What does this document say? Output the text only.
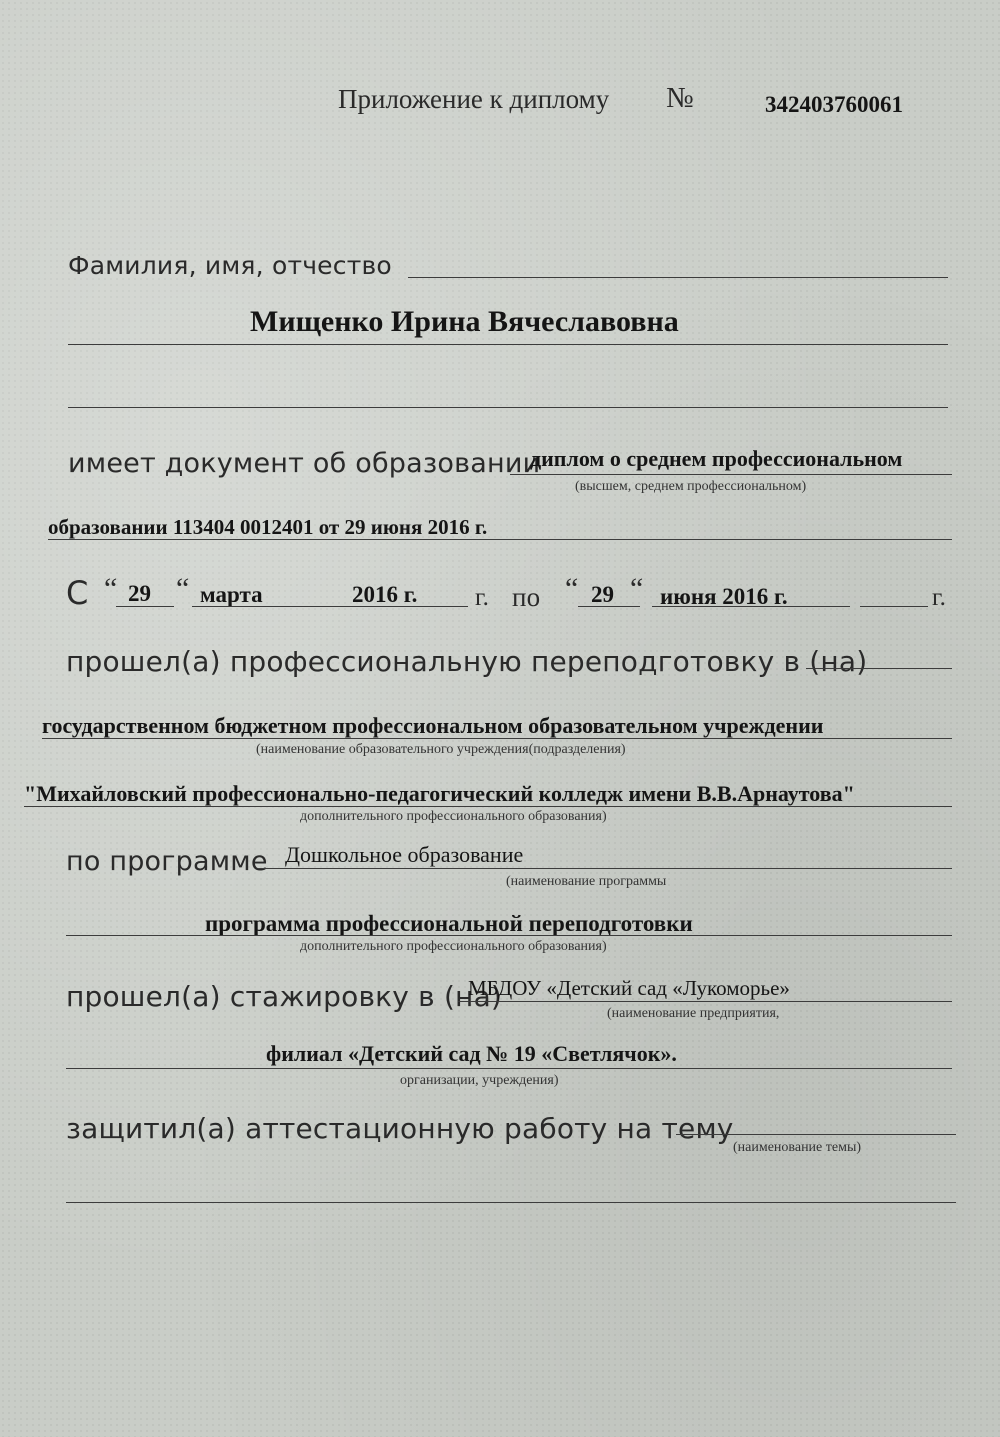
Приложение к диплому №	342403760061
Фамилия, имя, отчество
Мищенко Ирина Вячеславовна
имеет документ об образовании
диплом о среднем профессиональном
(высшем, среднем профессиональном)
образовании 113404 0012401 от 29 июня 2016 г.
С “ 29 “ марта	2016 г. г. по “ 29 “ июня 2016 г.	г.
прошел(а) профессиональную переподготовку в (на)
государственном бюджетном профессиональном образовательном учреждении
(наименование образовательного учреждения(подразделения)
"Михайловский профессионально-педагогический колледж имени В.В.Арнаутова"
дополнительного профессионального образования)
по программе Дошкольное образование
(наименование программы
программа профессиональной переподготовки
дополнительного профессионального образования)
прошел(а) стажировку в (на)
МБДОУ «Детский сад «Лукоморье»
(наименование предприятия,
филиал «Детский сад № 19 «Светлячок».
организации, учреждения)
защитил(а) аттестационную работу на тему
(наименование темы)
